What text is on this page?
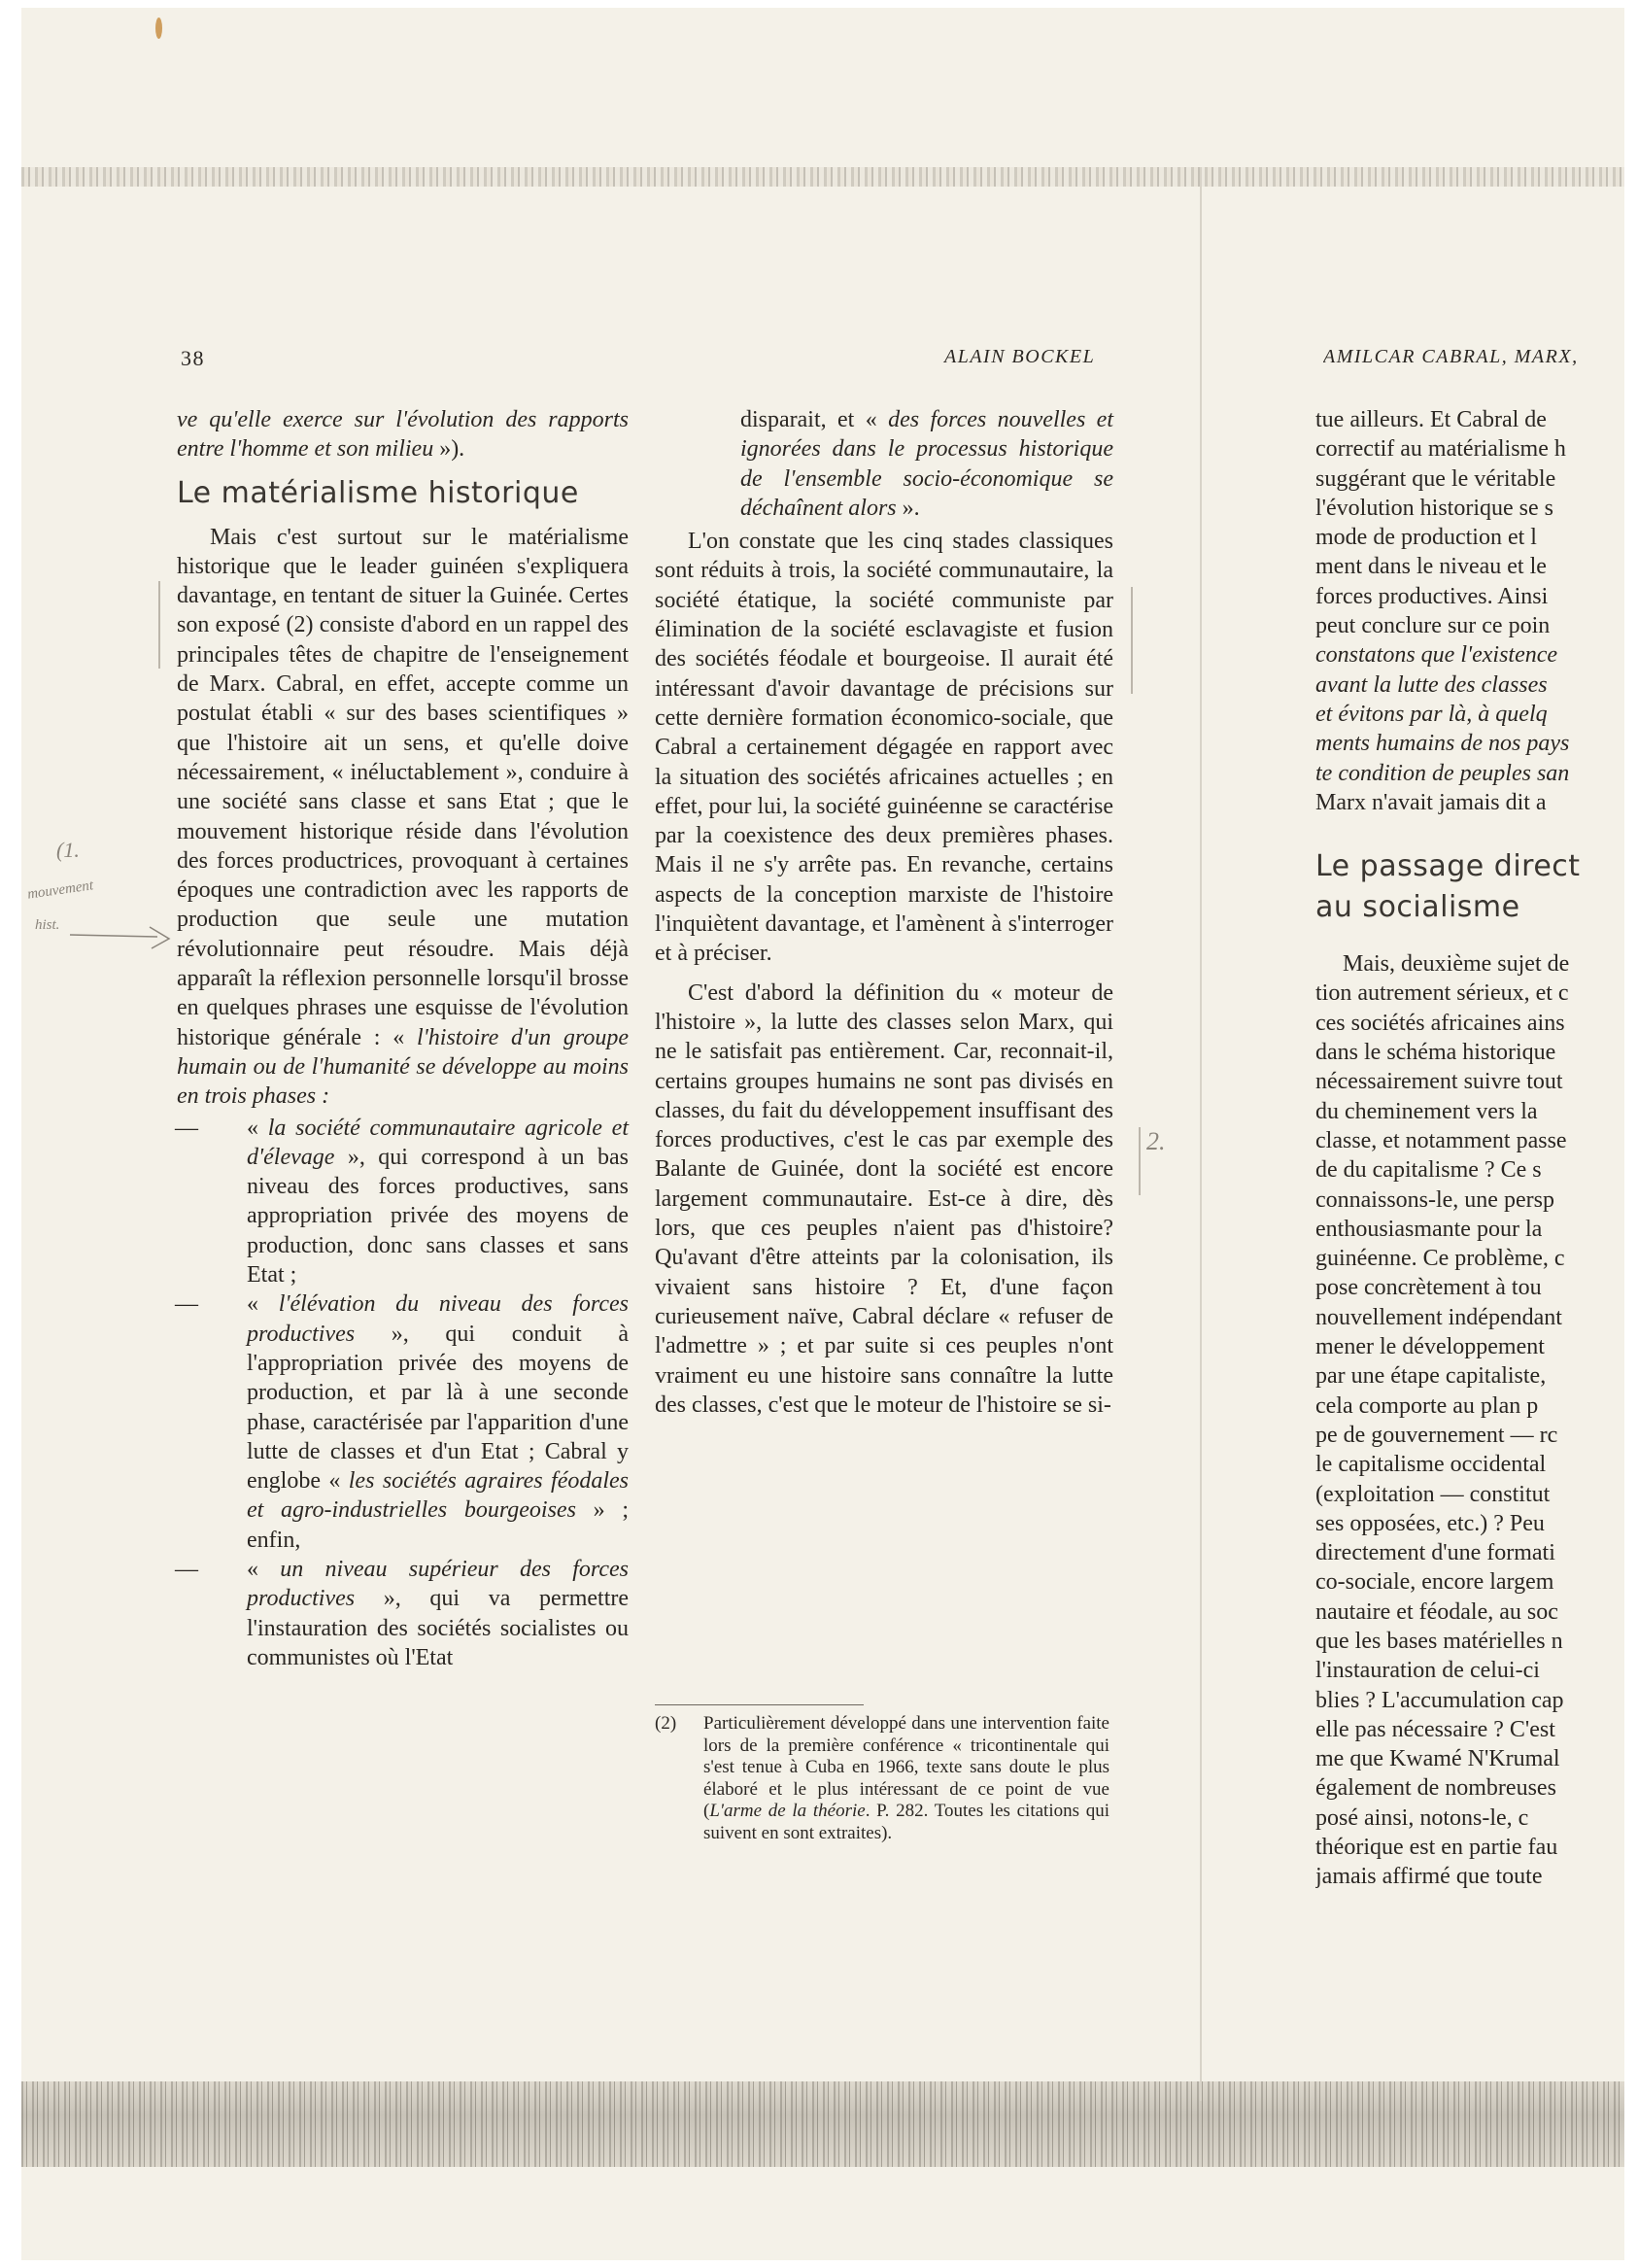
38	ALAIN BOCKEL	AMILCAR CABRAL, MARX,
(1.
mouvement
hist.
2.

ve qu'elle exerce sur l'évolution des rapports entre l'homme et son milieu »).

Le matérialisme historique

Mais c'est surtout sur le matérialisme historique que le leader guinéen s'expliquera davantage, en tentant de situer la Guinée. Certes son exposé (2) consiste d'abord en un rappel des principales têtes de chapitre de l'enseignement de Marx. Cabral, en effet, accepte comme un postulat établi « sur des bases scientifiques » que l'histoire ait un sens, et qu'elle doive nécessairement, « inéluctablement », conduire à une société sans classe et sans Etat ; que le mouvement historique réside dans l'évolution des forces productrices, provoquant à certaines époques une contradiction avec les rapports de production que seule une mutation révolutionnaire peut résoudre. Mais déjà apparaît la réflexion personnelle lorsqu'il brosse en quelques phrases une esquisse de l'évolution historique générale : « l'histoire d'un groupe humain ou de l'humanité se développe au moins en trois phases :

— « la société communautaire agricole et d'élevage », qui correspond à un bas niveau des forces productives, sans appropriation privée des moyens de production, donc sans classes et sans Etat ;
— « l'élévation du niveau des forces productives », qui conduit à l'appropriation privée des moyens de production, et par là à une seconde phase, caractérisée par l'apparition d'une lutte de classes et d'un Etat ; Cabral y englobe « les sociétés agraires féodales et agro-industrielles bourgeoises » ; enfin,
— « un niveau supérieur des forces productives », qui va permettre l'instauration des sociétés socialistes ou communistes où l'Etat

disparait, et « des forces nouvelles et ignorées dans le processus historique de l'ensemble socio-économique se déchaînent alors ».

L'on constate que les cinq stades classiques sont réduits à trois, la société communautaire, la société étatique, la société communiste par élimination de la société esclavagiste et fusion des sociétés féodale et bourgeoise. Il aurait été intéressant d'avoir davantage de précisions sur cette dernière formation économico-sociale, que Cabral a certainement dégagée en rapport avec la situation des sociétés africaines actuelles ; en effet, pour lui, la société guinéenne se caractérise par la coexistence des deux premières phases. Mais il ne s'y arrête pas. En revanche, certains aspects de la conception marxiste de l'histoire l'inquiètent davantage, et l'amènent à s'interroger et à préciser.

C'est d'abord la définition du « moteur de l'histoire », la lutte des classes selon Marx, qui ne le satisfait pas entièrement. Car, reconnait-il, certains groupes humains ne sont pas divisés en classes, du fait du développement insuffisant des forces productives, c'est le cas par exemple des Balante de Guinée, dont la société est encore largement communautaire. Est-ce à dire, dès lors, que ces peuples n'aient pas d'histoire? Qu'avant d'être atteints par la colonisation, ils vivaient sans histoire ? Et, d'une façon curieusement naïve, Cabral déclare « refuser de l'admettre » ; et par suite si ces peuples n'ont vraiment eu une histoire sans connaître la lutte des classes, c'est que le moteur de l'histoire se si-

(2) Particulièrement développé dans une intervention faite lors de la première conférence « tricontinentale qui s'est tenue à Cuba en 1966, texte sans doute le plus élaboré et le plus intéressant de ce point de vue (L'arme de la théorie. P. 282. Toutes les citations qui suivent en sont extraites).
tue ailleurs. Et Cabral de
correctif au matérialisme h
suggérant que le véritable
l'évolution historique se s
mode de production et l
ment dans le niveau et le
forces productives. Ainsi
peut conclure sur ce poin
constatons que l'existence
avant la lutte des classes
et évitons par là, à quelq
ments humains de nos pays
te condition de peuples san
Marx n'avait jamais dit a
Le passage direct
au socialisme
Mais, deuxième sujet de
tion autrement sérieux, et c
ces sociétés africaines ains
dans le schéma historique
nécessairement suivre tout
du cheminement vers la
classe, et notamment passe
de du capitalisme ? Ce s
connaissons-le, une persp
enthousiasmante pour la
guinéenne. Ce problème, c
pose concrètement à tou
nouvellement indépendant
mener le développement
par une étape capitaliste,
cela comporte au plan p
pe de gouvernement — rc
le capitalisme occidental
(exploitation — constitut
ses opposées, etc.) ? Peu
directement d'une formati
co-sociale, encore largem
nautaire et féodale, au soc
que les bases matérielles n
l'instauration de celui-ci
blies ? L'accumulation cap
elle pas nécessaire ? C'est
me que Kwamé N'Krumal
également de nombreuses
posé ainsi, notons-le, c
théorique est en partie fau
jamais affirmé que toute
